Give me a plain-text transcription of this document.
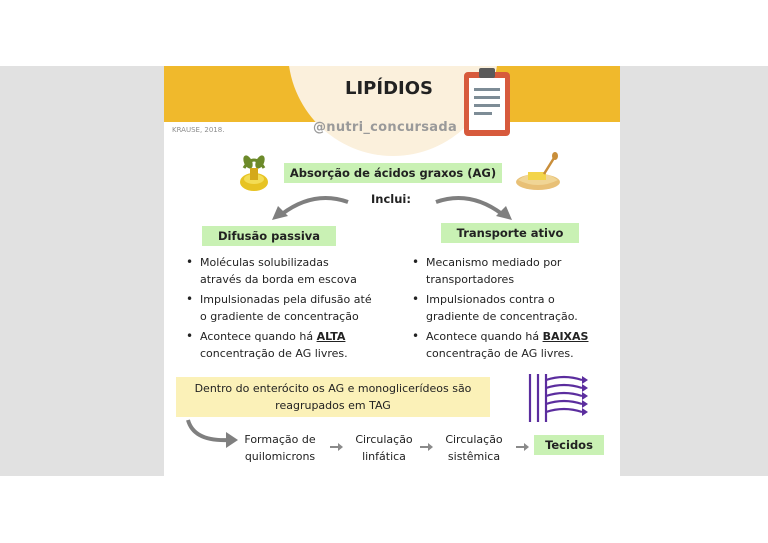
LIPÍDIOS
KRAUSE, 2018.	@nutri_concursada
Absorção de ácidos graxos (AG)
Inclui:
Difusão passiva	Transporte ativo
• Moléculas solubilizadas
através da borda em escova
• Impulsionadas pela difusão até
o gradiente de concentração
• Acontece quando há ALTA
concentração de AG livres.
• Mecanismo mediado por
transportadores
• Impulsionados contra o
gradiente de concentração.
• Acontece quando há BAIXAS
concentração de AG livres.
Dentro do enterócito os AG e monoglicerídeos são
reagrupados em TAG
Formação de
quilomicrons
Circulação
linfática
Circulação
sistêmica
Tecidos
